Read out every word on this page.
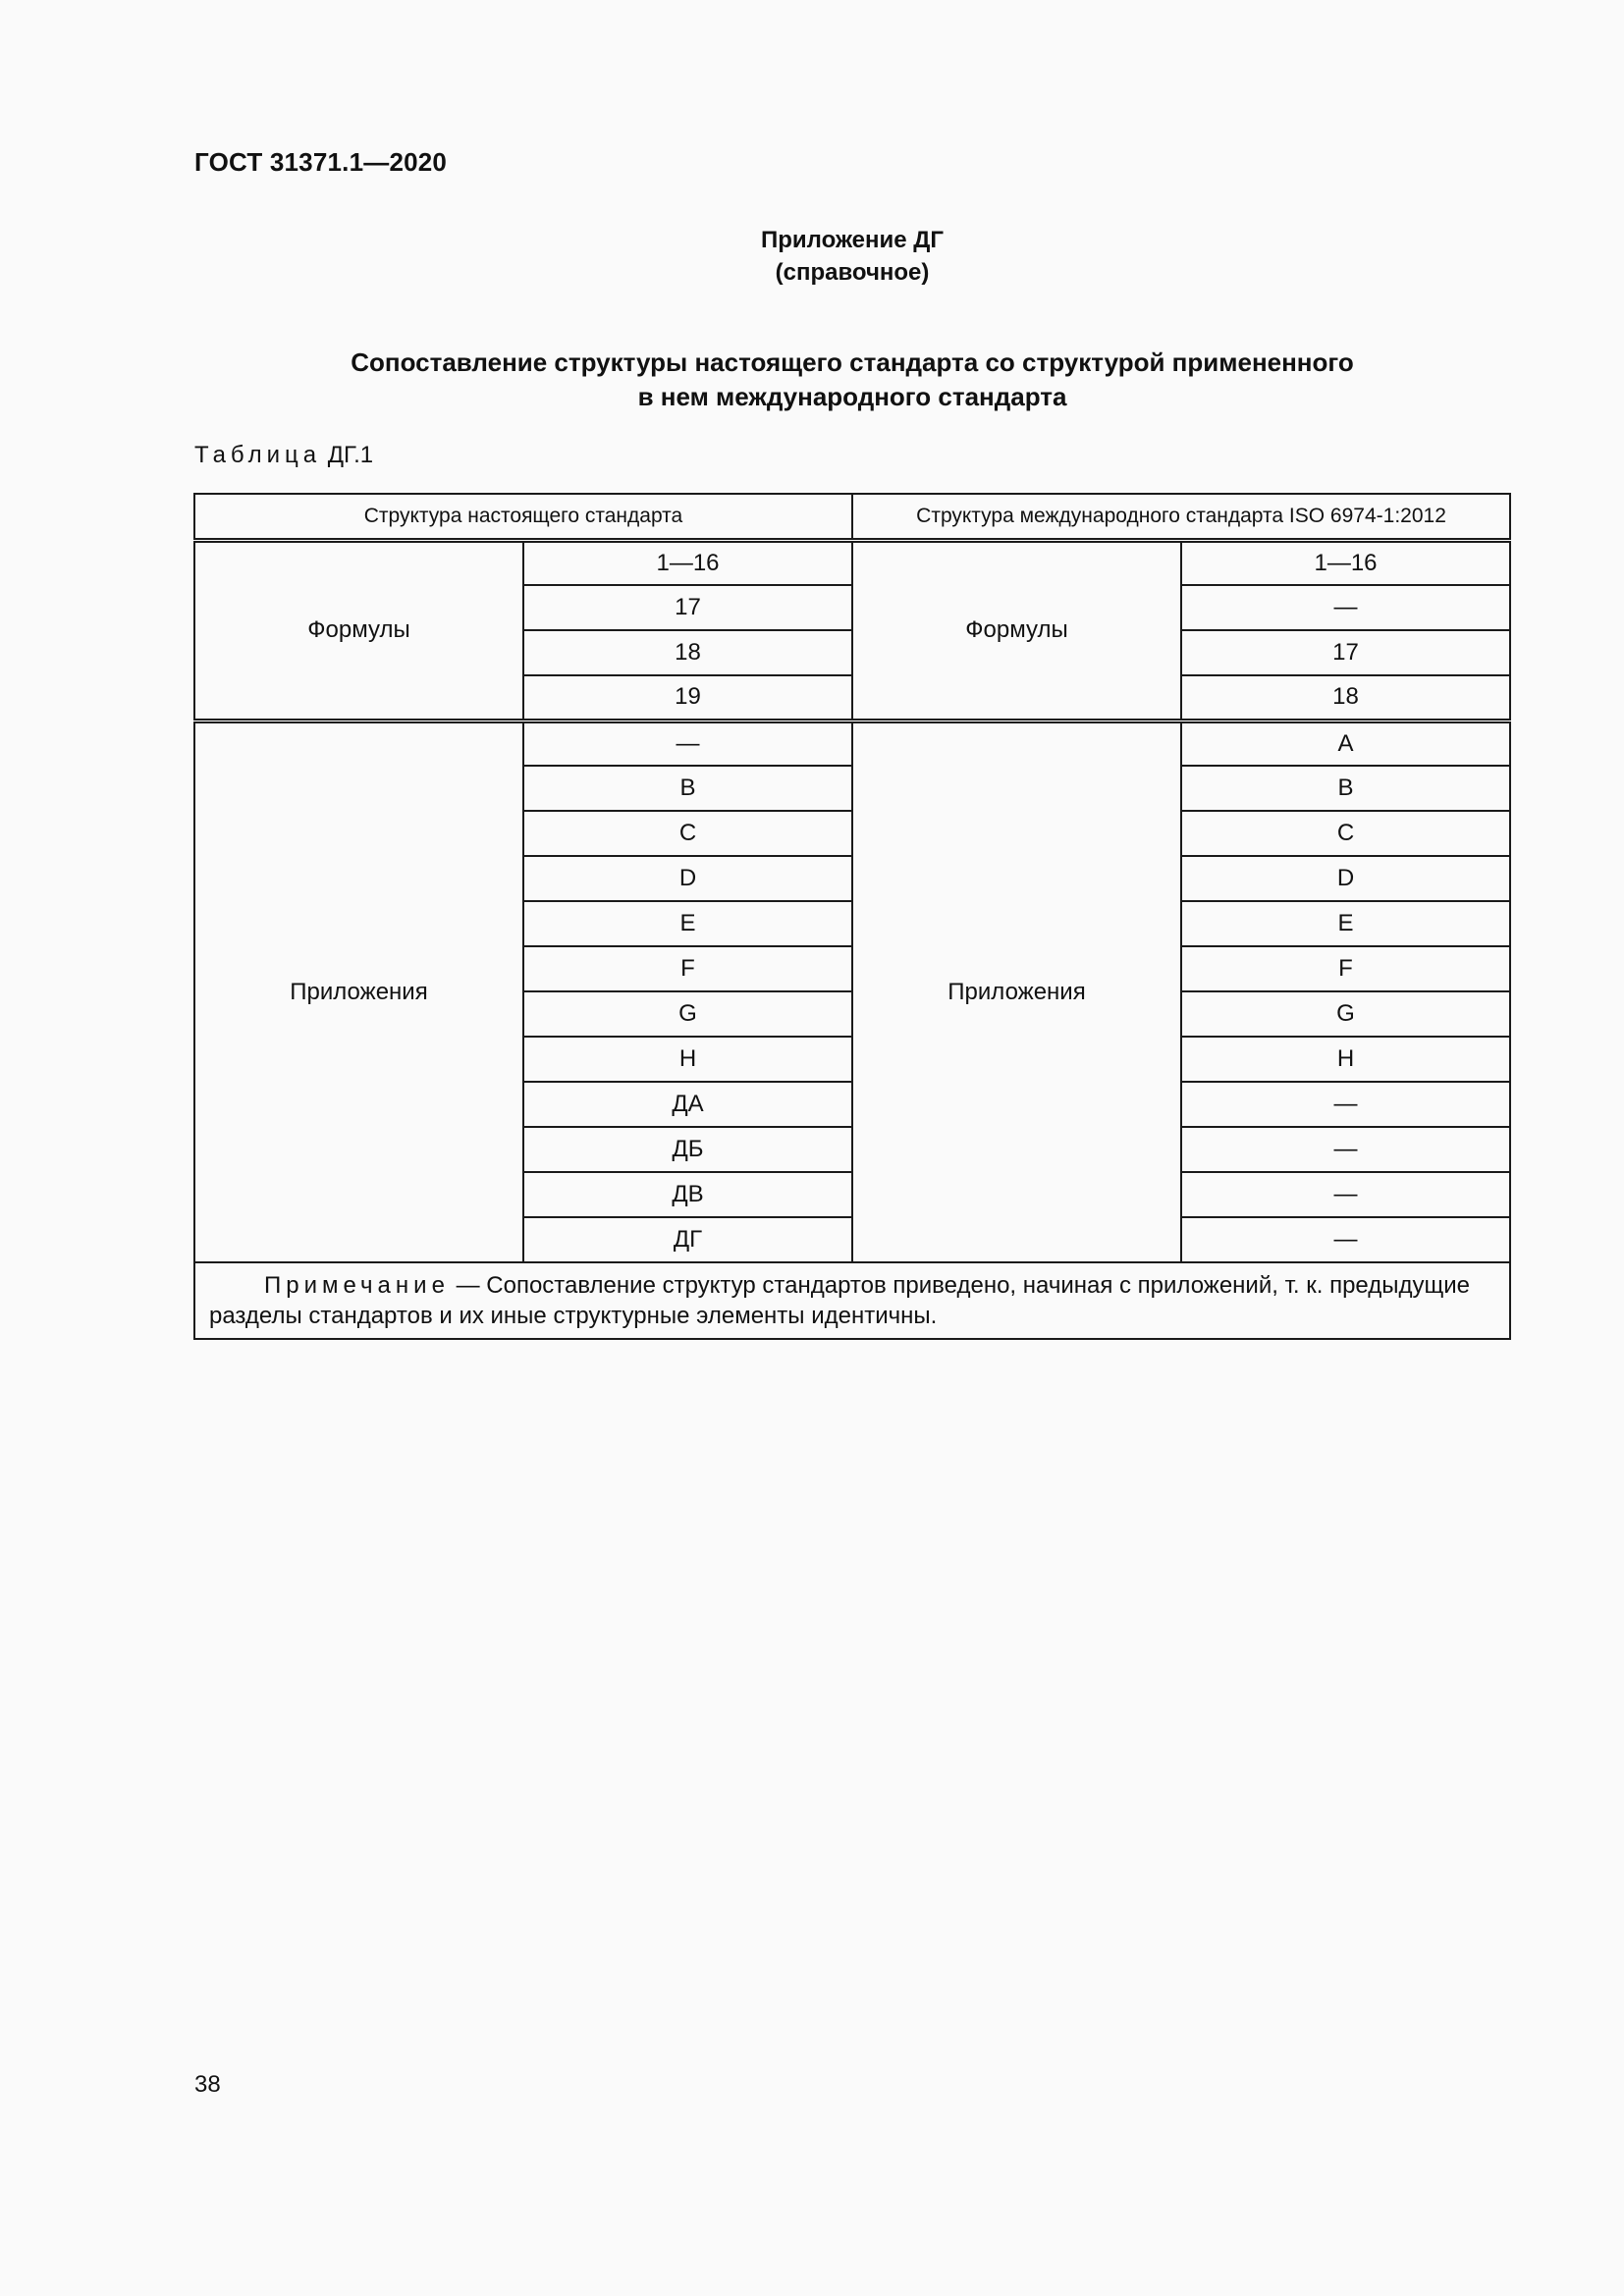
ГОСТ 31371.1—2020
Приложение ДГ
(справочное)
Сопоставление структуры настоящего стандарта со структурой примененного
в нем международного стандарта
Таблица ДГ.1
Структура настоящего стандарта		Структура международного стандарта ISO 6974-1:2012	
Формулы	1—16	Формулы	1—16
	17		—
	18		17
	19		18
Приложения	—	Приложения	A
	B		B
	C		C
	D		D
	E		E
	F		F
	G		G
	H		H
	ДА		—
	ДБ		—
	ДВ		—
	ДГ		—
Примечание — Сопоставление структур стандартов приведено, начиная с приложений, т. к. предыдущие разделы стандартов и их иные структурные элементы идентичны.			
38
